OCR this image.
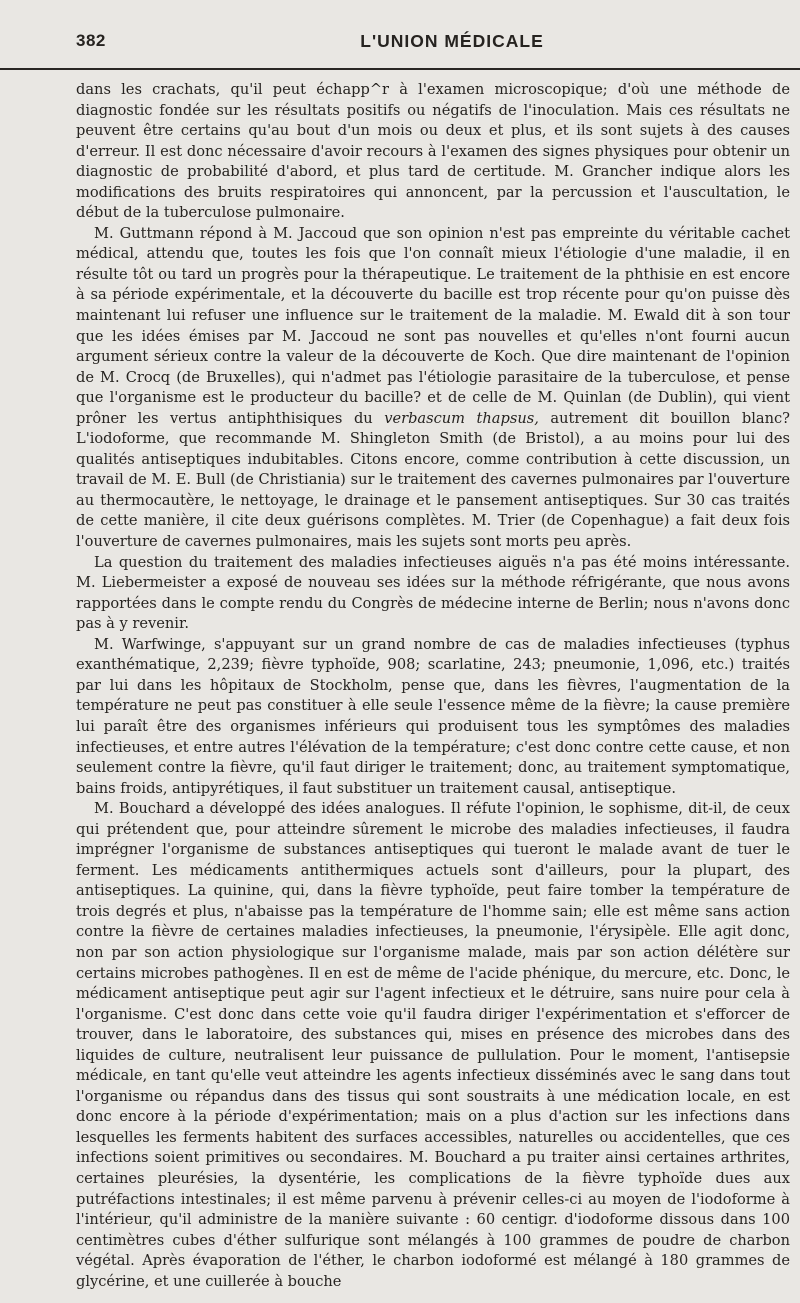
382	L'UNION MÉDICALE

dans les crachats, qu'il peut échapp^r à l'examen microscopique; d'où une méthode de diagnostic fondée sur les résultats positifs ou négatifs de l'inoculation. Mais ces résultats ne peuvent être certains qu'au bout d'un mois ou deux et plus, et ils sont sujets à des causes d'erreur. Il est donc nécessaire d'avoir recours à l'examen des signes physiques pour obtenir un diagnostic de probabilité d'abord, et plus tard de certitude. M. Grancher indique alors les modifications des bruits respiratoires qui annoncent, par la percussion et l'auscultation, le début de la tuberculose pulmonaire.

M. Guttmann répond à M. Jaccoud que son opinion n'est pas empreinte du véritable cachet médical, attendu que, toutes les fois que l'on connaît mieux l'étiologie d'une maladie, il en résulte tôt ou tard un progrès pour la thérapeutique. Le traitement de la phthisie en est encore à sa période expérimentale, et la découverte du bacille est trop récente pour qu'on puisse dès maintenant lui refuser une influence sur le traitement de la maladie. M. Ewald dit à son tour que les idées émises par M. Jaccoud ne sont pas nouvelles et qu'elles n'ont fourni aucun argument sérieux contre la valeur de la découverte de Koch. Que dire maintenant de l'opinion de M. Crocq (de Bruxelles), qui n'admet pas l'étiologie parasitaire de la tuberculose, et pense que l'organisme est le producteur du bacille? et de celle de M. Quinlan (de Dublin), qui vient prôner les vertus antiphthisiques du verbascum thapsus, autrement dit bouillon blanc? L'iodoforme, que recommande M. Shingleton Smith (de Bristol), a au moins pour lui des qualités antiseptiques indubitables. Citons encore, comme contribution à cette discussion, un travail de M. E. Bull (de Christiania) sur le traitement des cavernes pulmonaires par l'ouverture au thermocautère, le nettoyage, le drainage et le pansement antiseptiques. Sur 30 cas traités de cette manière, il cite deux guérisons complètes. M. Trier (de Copenhague) a fait deux fois l'ouverture de cavernes pulmonaires, mais les sujets sont morts peu après.

La question du traitement des maladies infectieuses aiguës n'a pas été moins intéressante. M. Liebermeister a exposé de nouveau ses idées sur la méthode réfrigérante, que nous avons rapportées dans le compte rendu du Congrès de médecine interne de Berlin; nous n'avons donc pas à y revenir.

M. Warfwinge, s'appuyant sur un grand nombre de cas de maladies infectieuses (typhus exanthématique, 2,239; fièvre typhoïde, 908; scarlatine, 243; pneumonie, 1,096, etc.) traités par lui dans les hôpitaux de Stockholm, pense que, dans les fièvres, l'augmentation de la température ne peut pas constituer à elle seule l'essence même de la fièvre; la cause première lui paraît être des organismes inférieurs qui produisent tous les symptômes des maladies infectieuses, et entre autres l'élévation de la température; c'est donc contre cette cause, et non seulement contre la fièvre, qu'il faut diriger le traitement; donc, au traitement symptomatique, bains froids, antipyrétiques, il faut substituer un traitement causal, antiseptique.

M. Bouchard a développé des idées analogues. Il réfute l'opinion, le sophisme, dit-il, de ceux qui prétendent que, pour atteindre sûrement le microbe des maladies infectieuses, il faudra imprégner l'organisme de substances antiseptiques qui tueront le malade avant de tuer le ferment. Les médicaments antithermiques actuels sont d'ailleurs, pour la plupart, des antiseptiques. La quinine, qui, dans la fièvre typhoïde, peut faire tomber la température de trois degrés et plus, n'abaisse pas la température de l'homme sain; elle est même sans action contre la fièvre de certaines maladies infectieuses, la pneumonie, l'érysipèle. Elle agit donc, non par son action physiologique sur l'organisme malade, mais par son action délétère sur certains microbes pathogènes. Il en est de même de l'acide phénique, du mercure, etc. Donc, le médicament antiseptique peut agir sur l'agent infectieux et le détruire, sans nuire pour cela à l'organisme. C'est donc dans cette voie qu'il faudra diriger l'expérimentation et s'efforcer de trouver, dans le laboratoire, des substances qui, mises en présence des microbes dans des liquides de culture, neutralisent leur puissance de pullulation. Pour le moment, l'antisepsie médicale, en tant qu'elle veut atteindre les agents infectieux disséminés avec le sang dans tout l'organisme ou répandus dans des tissus qui sont soustraits à une médication locale, en est donc encore à la période d'expérimentation; mais on a plus d'action sur les infections dans lesquelles les ferments habitent des surfaces accessibles, naturelles ou accidentelles, que ces infections soient primitives ou secondaires. M. Bouchard a pu traiter ainsi certaines arthrites, certaines pleurésies, la dysentérie, les complications de la fièvre typhoïde dues aux putréfactions intestinales; il est même parvenu à prévenir celles-ci au moyen de l'iodoforme à l'intérieur, qu'il administre de la manière suivante : 60 centigr. d'iodoforme dissous dans 100 centimètres cubes d'éther sulfurique sont mélangés à 100 grammes de poudre de charbon végétal. Après évaporation de l'éther, le charbon iodoformé est mélangé à 180 grammes de glycérine, et une cuillerée à bouche
